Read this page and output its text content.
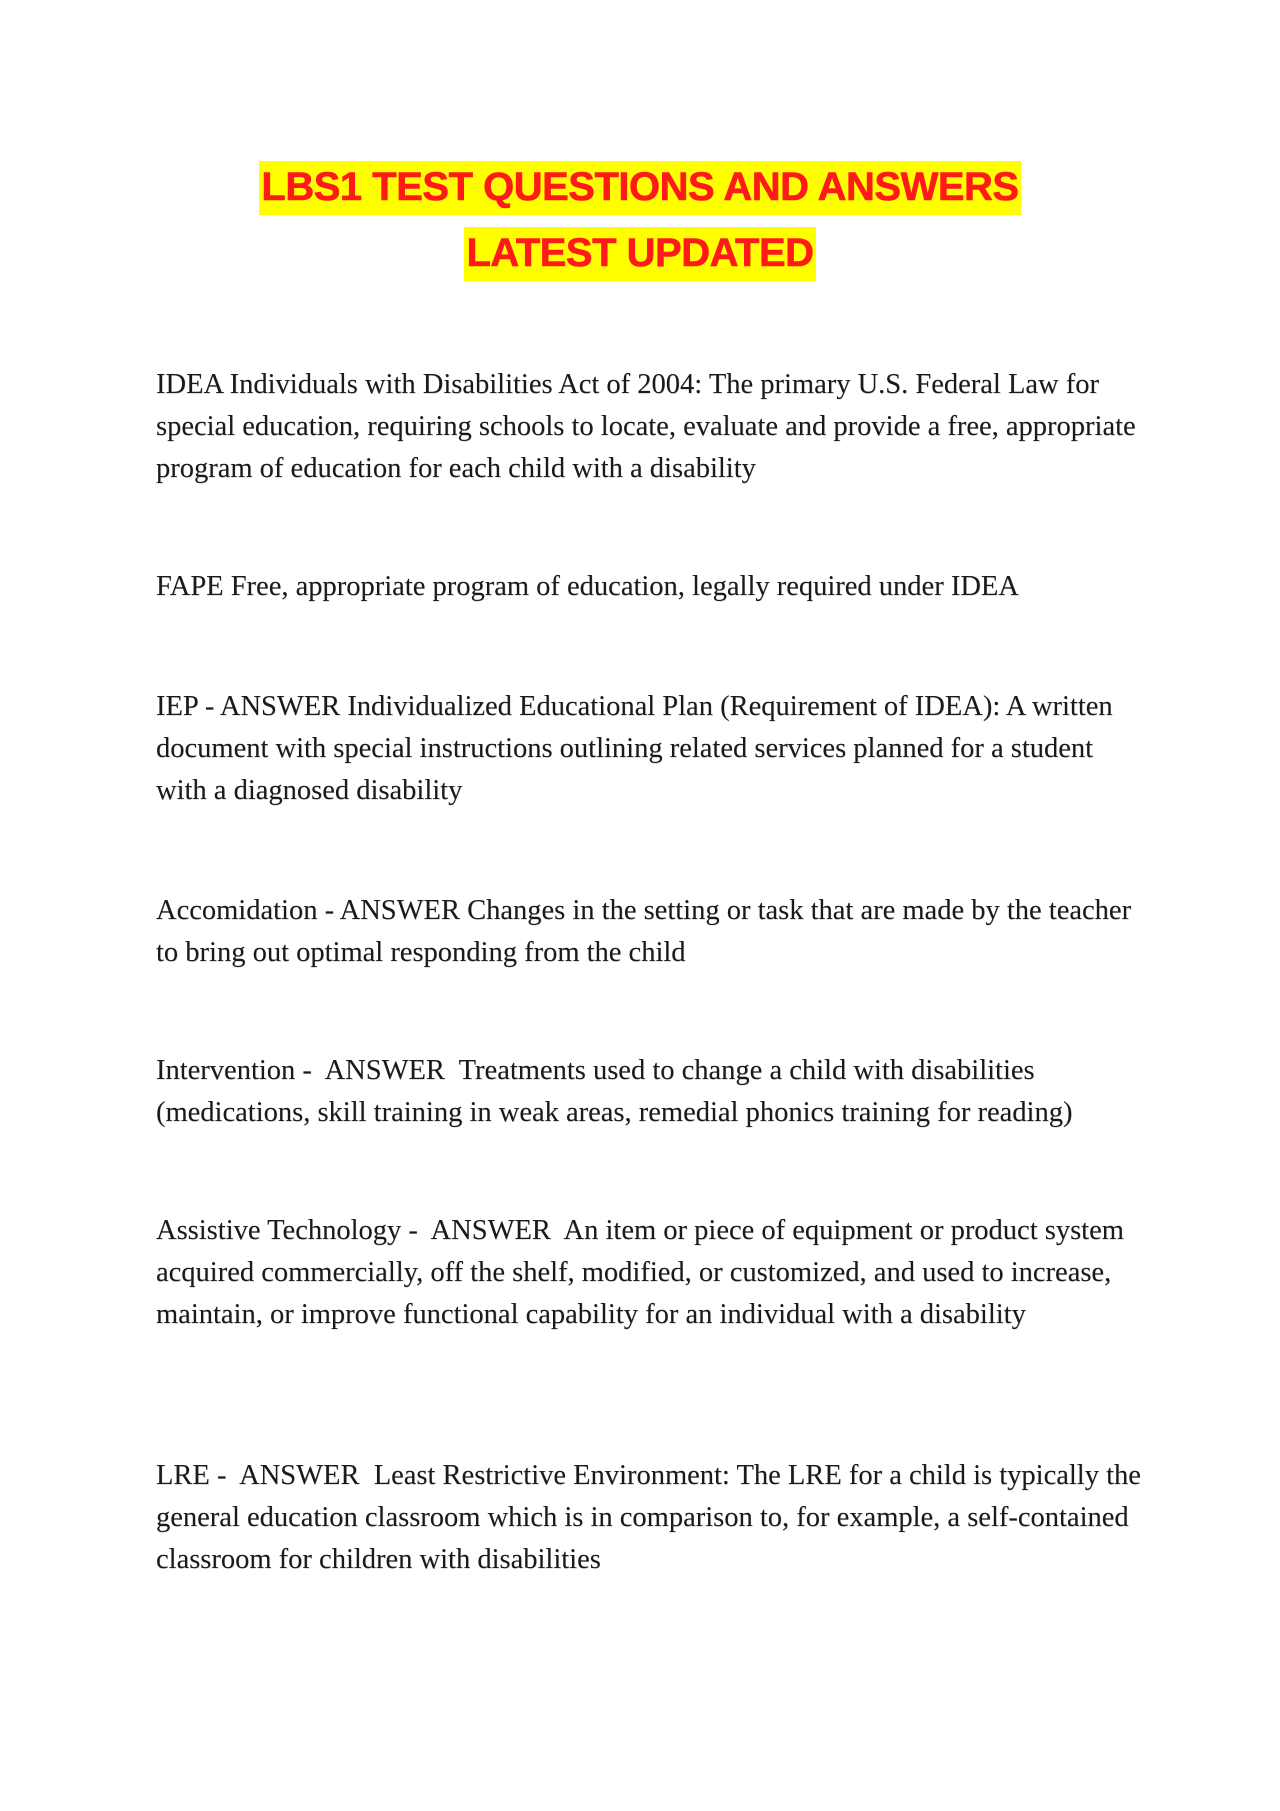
LBS1 TEST QUESTIONS AND ANSWERS
LATEST UPDATED

IDEA Individuals with Disabilities Act of 2004: The primary U.S. Federal Law for special education, requiring schools to locate, evaluate and provide a free, appropriate program of education for each child with a disability

FAPE Free, appropriate program of education, legally required under IDEA

IEP - ANSWER Individualized Educational Plan (Requirement of IDEA): A written document with special instructions outlining related services planned for a student with a diagnosed disability

Accomidation - ANSWER Changes in the setting or task that are made by the teacher to bring out optimal responding from the child

Intervention -  ANSWER  Treatments used to change a child with disabilities (medications, skill training in weak areas, remedial phonics training for reading)

Assistive Technology -  ANSWER  An item or piece of equipment or product system acquired commercially, off the shelf, modified, or customized, and used to increase, maintain, or improve functional capability for an individual with a disability

LRE -  ANSWER  Least Restrictive Environment: The LRE for a child is typically the general education classroom which is in comparison to, for example, a self-contained classroom for children with disabilities
